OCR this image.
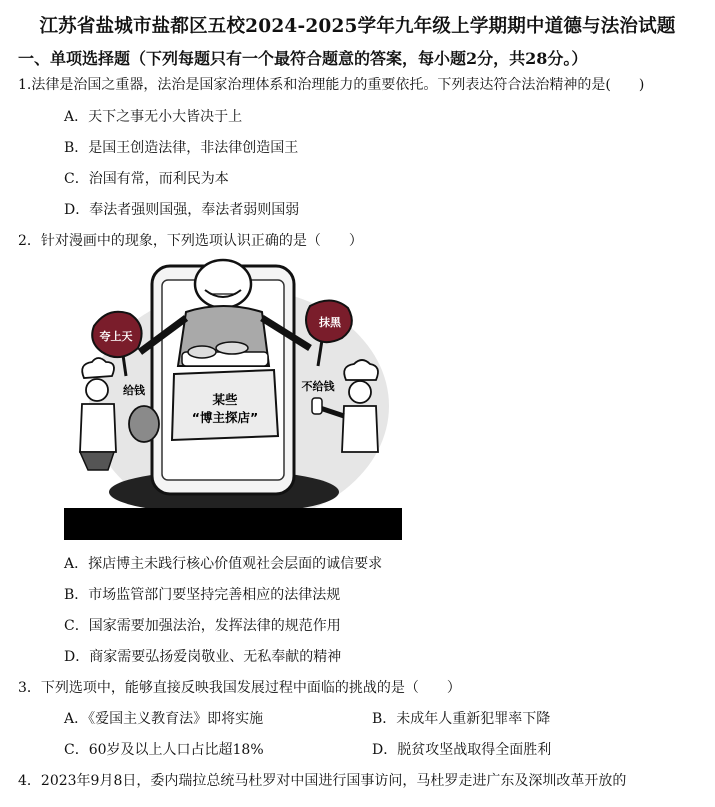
江苏省盐城市盐都区五校2024-2025学年九年级上学期期中道德与法治试题
一、单项选择题（下列每题只有一个最符合题意的答案，每小题2分，共28分。）
1.法律是治国之重器，法治是国家治理体系和治理能力的重要依托。下列表达符合法治精神的是(　　)
A．天下之事无小大皆决于上
B．是国王创造法律，非法律创造国王
C．治国有常，而利民为本
D．奉法者强则国强，奉法者弱则国弱
2．针对漫画中的现象，下列选项认识正确的是（　　）
夸上天
抹黑
某些
“博主探店”
给钱	不给钱
A．探店博主未践行核心价值观社会层面的诚信要求
B．市场监管部门要坚持完善相应的法律法规
C．国家需要加强法治，发挥法律的规范作用
D．商家需要弘扬爱岗敬业、无私奉献的精神
3．下列选项中，能够直接反映我国发展过程中面临的挑战的是（　　）
A．《爱国主义教育法》即将实施	B．未成年人重新犯罪率下降
C．60岁及以上人口占比超18%	D．脱贫攻坚战取得全面胜利
4．2023年9月8日，委内瑞拉总统马杜罗对中国进行国事访问，马杜罗走进广东及深圳改革开放的
